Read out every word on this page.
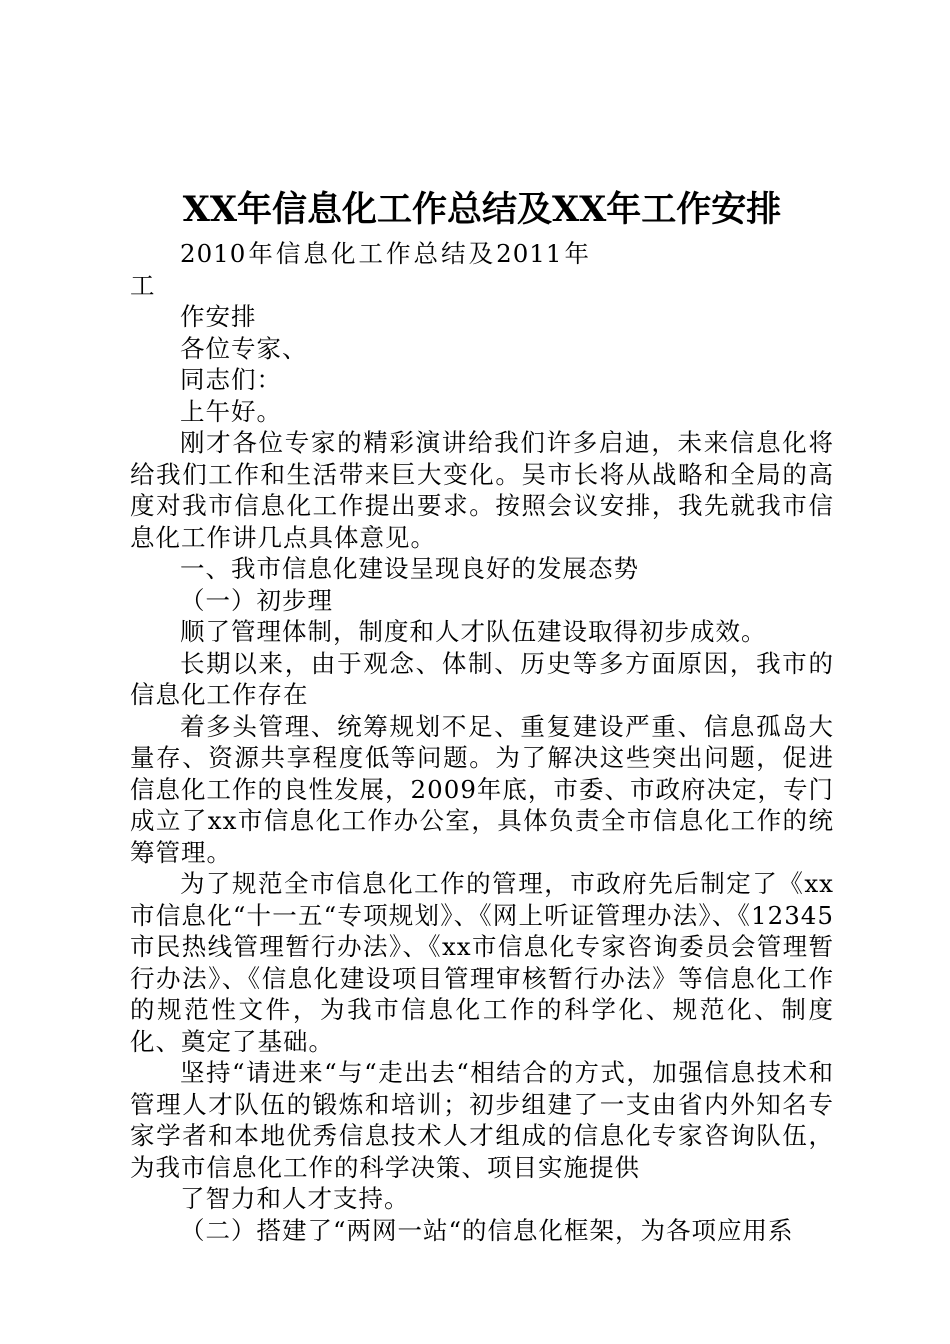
XX年信息化工作总结及XX年工作安排

2010年信息化工作总结及2011年工

作安排

各位专家、

同志们：

上午好。

刚才各位专家的精彩演讲给我们许多启迪，未来信息化将给我们工作和生活带来巨大变化。吴市长将从战略和全局的高度对我市信息化工作提出要求。按照会议安排，我先就我市信息化工作讲几点具体意见。

一、我市信息化建设呈现良好的发展态势

（一）初步理

顺了管理体制，制度和人才队伍建设取得初步成效。

长期以来，由于观念、体制、历史等多方面原因，我市的信息化工作存在

着多头管理、统筹规划不足、重复建设严重、信息孤岛大量存、资源共享程度低等问题。为了解决这些突出问题，促进信息化工作的良性发展，2009年底，市委、市政府决定，专门成立了xx市信息化工作办公室，具体负责全市信息化工作的统筹管理。

为了规范全市信息化工作的管理，市政府先后制定了《xx市信息化“十一五“专项规划》、《网上听证管理办法》、《12345市民热线管理暂行办法》、《xx市信息化专家咨询委员会管理暂行办法》、《信息化建设项目管理审核暂行办法》等信息化工作的规范性文件，为我市信息化工作的科学化、规范化、制度化、奠定了基础。

坚持“请进来“与“走出去“相结合的方式，加强信息技术和管理人才队伍的锻炼和培训；初步组建了一支由省内外知名专家学者和本地优秀信息技术人才组成的信息化专家咨询队伍，为我市信息化工作的科学决策、项目实施提供

了智力和人才支持。

（二）搭建了“两网一站“的信息化框架，为各项应用系
